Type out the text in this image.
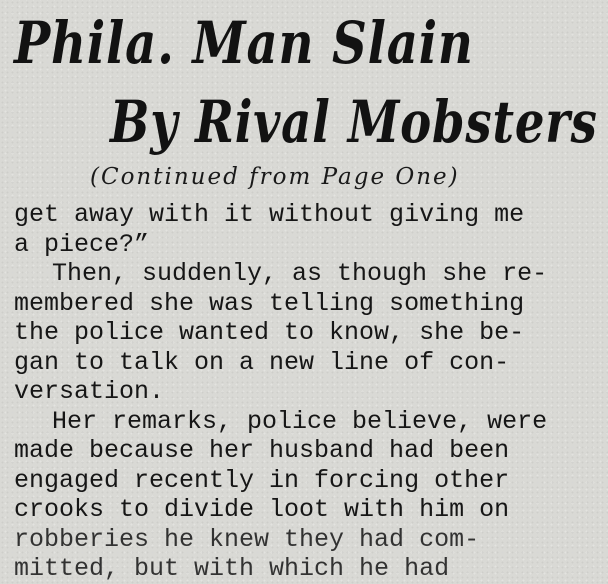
Phila. Man Slain
By Rival Mobsters
(Continued from Page One)
get away with it without giving me
a piece?”
Then, suddenly, as though she re-
membered she was telling something
the police wanted to know, she be-
gan to talk on a new line of con-
versation.
Her remarks, police believe, were
made because her husband had been
engaged recently in forcing other
crooks to divide loot with him on
robberies he knew they had com-
mitted, but with which he had
